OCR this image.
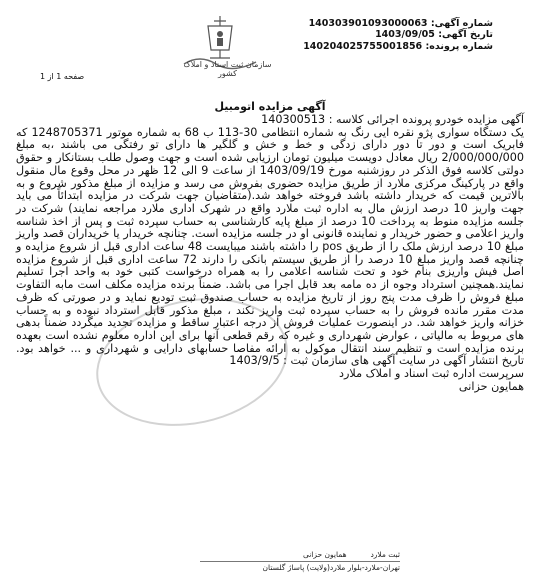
شماره آگهی: 140303901093000063
تاریخ آگهی: 1403/09/05
شماره پرونده: 140204025755001856
سازمان ثبت اسناد و املاک کشور
صفحه 1 از 1
آگهی مزایده اتومبیل

آگهی مزایده خودرو پرونده اجرائی کلاسه : 140300513

یک دستگاه سواری پژو نقره ایی رنگ به شماره انتظامی 30-113 ب 68 به شماره موتور 1248705371 که فابریک است و دور تا دور دارای زدگی و خط و خش و گلگیر ها دارای تو رفتگی می باشند ،به مبلغ 2/000/000/000 ریال معادل دویست میلیون تومان ارزیابی شده است و جهت وصول طلب بستانکار و حقوق دولتی کلاسه فوق الذکر در روزشنبه مورخ 1403/09/19 از ساعت 9 الی 12 ظهر در محل وقوع مال منقول واقع در پارکینگ مرکزی ملارد از طریق مزایده حضوری بفروش می رسد و مزایده از مبلغ مذکور شروع و به بالاترین قیمت که خریدار داشته باشد فروخته خواهد شد.(متقاضیان جهت شرکت در مزایده ابتدائاً می باید جهت واریز 10 درصد ارزش مال به اداره ثبت ملارد واقع در شهرک اداری ملارد مراجعه نمایند) شرکت در جلسه مزایده منوط به پرداخت 10 درصد از مبلغ پایه کارشناسی به حساب سپرده ثبت و پس از اخذ شناسه واریز اعلامی و حضور خریدار و نماینده قانونی او در جلسه مزایده است. چنانچه خریدار یا خریداران قصد واریز مبلغ 10 درصد ارزش ملک را از طریق pos را داشته باشند میبایست 48 ساعت اداری قبل از شروع مزایده و چنانچه قصد واریز مبلغ 10 درصد را از طریق سیستم بانکی را دارند 72 ساعت اداری قبل از شروع مزایده اصل فیش واریزی بنام خود و تحت شناسه اعلامی را به همراه درخواست کتبی خود به واحد اجرا تسلیم نمایند.همچنین استرداد وجوه از ده مامه بعد قابل اجرا می باشد. ضمناً برنده مزایده مکلف است مابه التفاوت مبلغ فروش را ظرف مدت پنج روز از تاریخ مزایده به حساب صندوق ثبت تودیع نماید و در صورتی که ظرف مدت مقرر مانده فروش را به حساب سپرده ثبت واریز نکند ، مبلغ مذکور قابل استرداد نبوده و به حساب خزانه واریز خواهد شد. در اینصورت عملیات فروش از درجه اعتبار ساقط و مزایده تجدید میگردد ضمناً بدهی های مربوط به مالیاتی ، عوارض شهرداری و غیره که رقم قطعی آنها برای این اداره معلوم نشده است بعهده برنده مزایده است و تنظیم سند انتقال موکول به ارائه مفاصا حسابهای دارایی و شهرداری و ... خواهد بود. تاریخ انتشار آگهی در سایت آگهی های سازمان ثبت : 1403/9/5

سرپرست اداره ثبت اسناد و املاک ملارد

همایون حزانی

ثبت ملارد          همایون حزانی
تهران-ملارد-بلوار ملارد(ولایت) پاساژ گلستان
